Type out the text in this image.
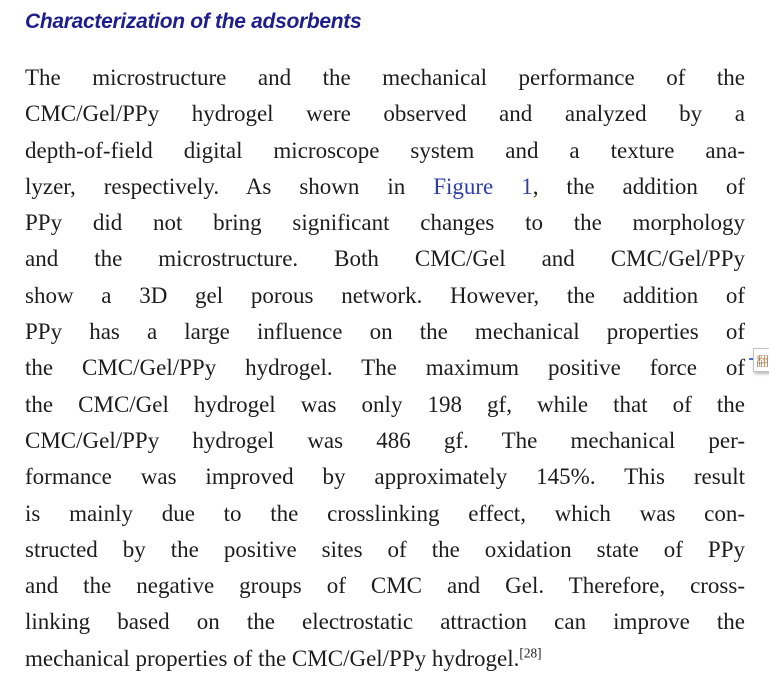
Characterization of the adsorbents
The microstructure and the mechanical performance of the
CMC/Gel/PPy hydrogel were observed and analyzed by a
depth-of-field digital microscope system and a texture ana-
lyzer, respectively. As shown in Figure 1, the addition of
PPy did not bring significant changes to the morphology
and the microstructure. Both CMC/Gel and CMC/Gel/PPy
show a 3D gel porous network. However, the addition of
PPy has a large influence on the mechanical properties of
the CMC/Gel/PPy hydrogel. The maximum positive force of
the CMC/Gel hydrogel was only 198 gf, while that of the
CMC/Gel/PPy hydrogel was 486 gf. The mechanical per-
formance was improved by approximately 145%. This result
is mainly due to the crosslinking effect, which was con-
structed by the positive sites of the oxidation state of PPy
and the negative groups of CMC and Gel. Therefore, cross-
linking based on the electrostatic attraction can improve the
mechanical properties of the CMC/Gel/PPy hydrogel.[28]
翻
